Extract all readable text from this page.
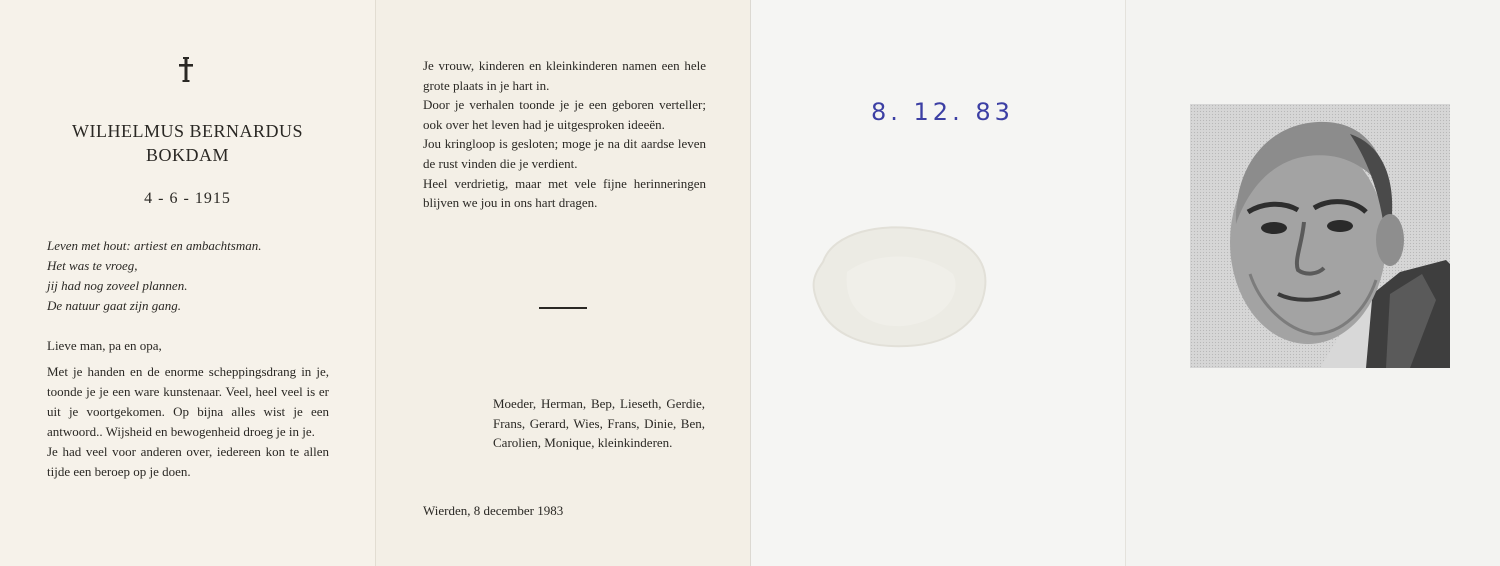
WILHELMUS BERNARDUS
BOKDAM
4 - 6 - 1915
Leven met hout: artiest en ambachtsman.
Het was te vroeg,
jij had nog zoveel plannen.
De natuur gaat zijn gang.
Lieve man, pa en opa,

Met je handen en de enorme scheppingsdrang in je, toonde je je een ware kunstenaar. Veel, heel veel is er uit je voortgekomen. Op bijna alles wist je een antwoord.. Wijsheid en bewogenheid droeg je in je.

Je had veel voor anderen over, iedereen kon te allen tijde een beroep op je doen.

Je vrouw, kinderen en kleinkinderen namen een hele grote plaats in je hart in.

Door je verhalen toonde je je een geboren verteller; ook over het leven had je uitgesproken ideeën.

Jou kringloop is gesloten; moge je na dit aardse leven de rust vinden die je verdient.

Heel verdrietig, maar met vele fijne herinneringen blijven we jou in ons hart dragen.

Moeder, Herman, Bep, Lieseth, Gerdie, Frans, Gerard, Wies, Frans, Dinie, Ben, Carolien, Monique, kleinkinderen.
Wierden, 8 december 1983
8. 12. 83
